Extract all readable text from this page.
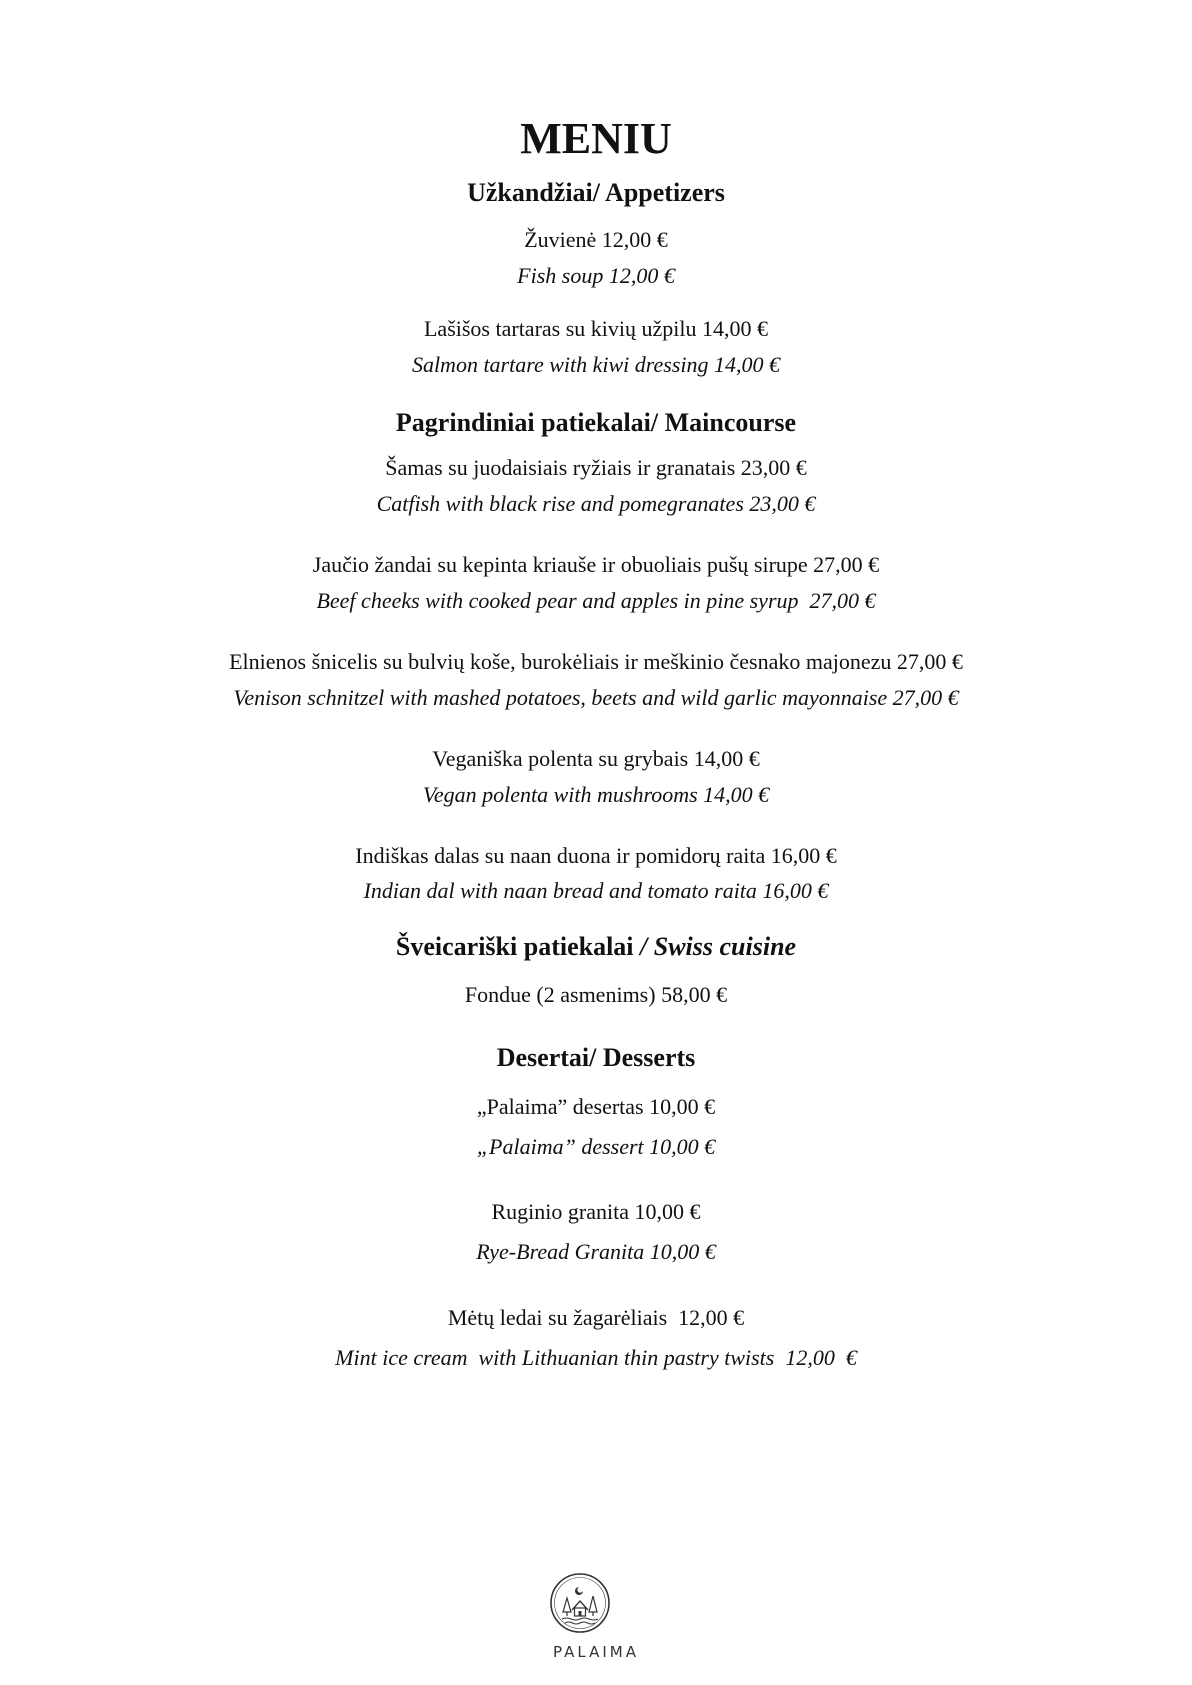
MENIU
Užkandžiai/ Appetizers
Žuvienė 12,00 €
Fish soup 12,00 €
Lašišos tartaras su kivių užpilu 14,00 €
Salmon tartare with kiwi dressing 14,00 €
Pagrindiniai patiekalai/ Maincourse
Šamas su juodaisiais ryžiais ir granatais 23,00 €
Catfish with black rise and pomegranates 23,00 €
Jaučio žandai su kepinta kriauše ir obuoliais pušų sirupe 27,00 €
Beef cheeks with cooked pear and apples in pine syrup  27,00 €
Elnienos šnicelis su bulvių koše, burokėliais ir meškinio česnako majonezu 27,00 €
Venison schnitzel with mashed potatoes, beets and wild garlic mayonnaise 27,00 €
Veganiška polenta su grybais 14,00 €
Vegan polenta with mushrooms 14,00 €
Indiškas dalas su naan duona ir pomidorų raita 16,00 €
Indian dal with naan bread and tomato raita 16,00 €
Šveicariški patiekalai / Swiss cuisine
Fondue (2 asmenims) 58,00 €
Desertai/ Desserts
„Palaima” desertas 10,00 €
„Palaima” dessert 10,00 €
Ruginio granita 10,00 €
Rye-Bread Granita 10,00 €
Mėtų ledai su žagarėliais  12,00 €
Mint ice cream  with Lithuanian thin pastry twists  12,00  €
PALAIMA
